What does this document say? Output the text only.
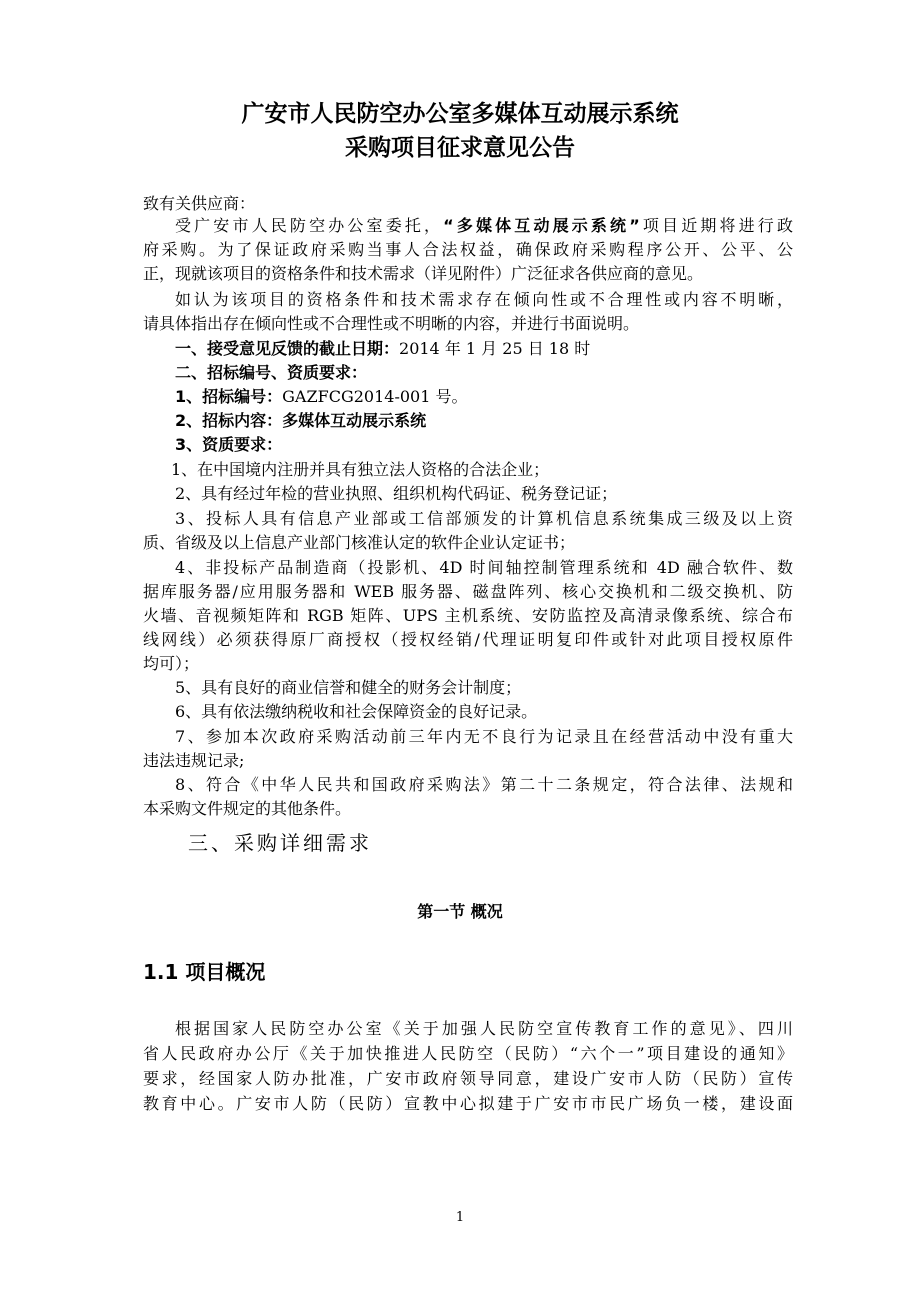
广安市人民防空办公室多媒体互动展示系统
采购项目征求意见公告
致有关供应商：
受广安市人民防空办公室委托，“多媒体互动展示系统”项目近期将进行政
府采购。为了保证政府采购当事人合法权益，确保政府采购程序公开、公平、公
正，现就该项目的资格条件和技术需求（详见附件）广泛征求各供应商的意见。
如认为该项目的资格条件和技术需求存在倾向性或不合理性或内容不明晰，
请具体指出存在倾向性或不合理性或不明晰的内容，并进行书面说明。
一、接受意见反馈的截止日期：2014 年 1 月 25 日 18 时
二、招标编号、资质要求：
1、招标编号：GAZFCG2014-001 号。
2、招标内容：多媒体互动展示系统
3、资质要求：
1、在中国境内注册并具有独立法人资格的合法企业；
2、具有经过年检的营业执照、组织机构代码证、税务登记证；
3、投标人具有信息产业部或工信部颁发的计算机信息系统集成三级及以上资
质、省级及以上信息产业部门核准认定的软件企业认定证书；
4、非投标产品制造商（投影机、4D 时间轴控制管理系统和 4D 融合软件、数
据库服务器/应用服务器和 WEB 服务器、磁盘阵列、核心交换机和二级交换机、防
火墙、音视频矩阵和 RGB 矩阵、UPS 主机系统、安防监控及高清录像系统、综合布
线网线）必须获得原厂商授权（授权经销/代理证明复印件或针对此项目授权原件
均可）；
5、具有良好的商业信誉和健全的财务会计制度；
6、具有依法缴纳税收和社会保障资金的良好记录。
7、参加本次政府采购活动前三年内无不良行为记录且在经营活动中没有重大
违法违规记录;
8、符合《中华人民共和国政府采购法》第二十二条规定，符合法律、法规和
本采购文件规定的其他条件。
三、采购详细需求
第一节 概况
1.1 项目概况
根据国家人民防空办公室《关于加强人民防空宣传教育工作的意见》、四川
省人民政府办公厅《关于加快推进人民防空（民防）“六个一”项目建设的通知》
要求，经国家人防办批准，广安市政府领导同意，建设广安市人防（民防）宣传
教育中心。广安市人防（民防）宣教中心拟建于广安市市民广场负一楼，建设面
1
